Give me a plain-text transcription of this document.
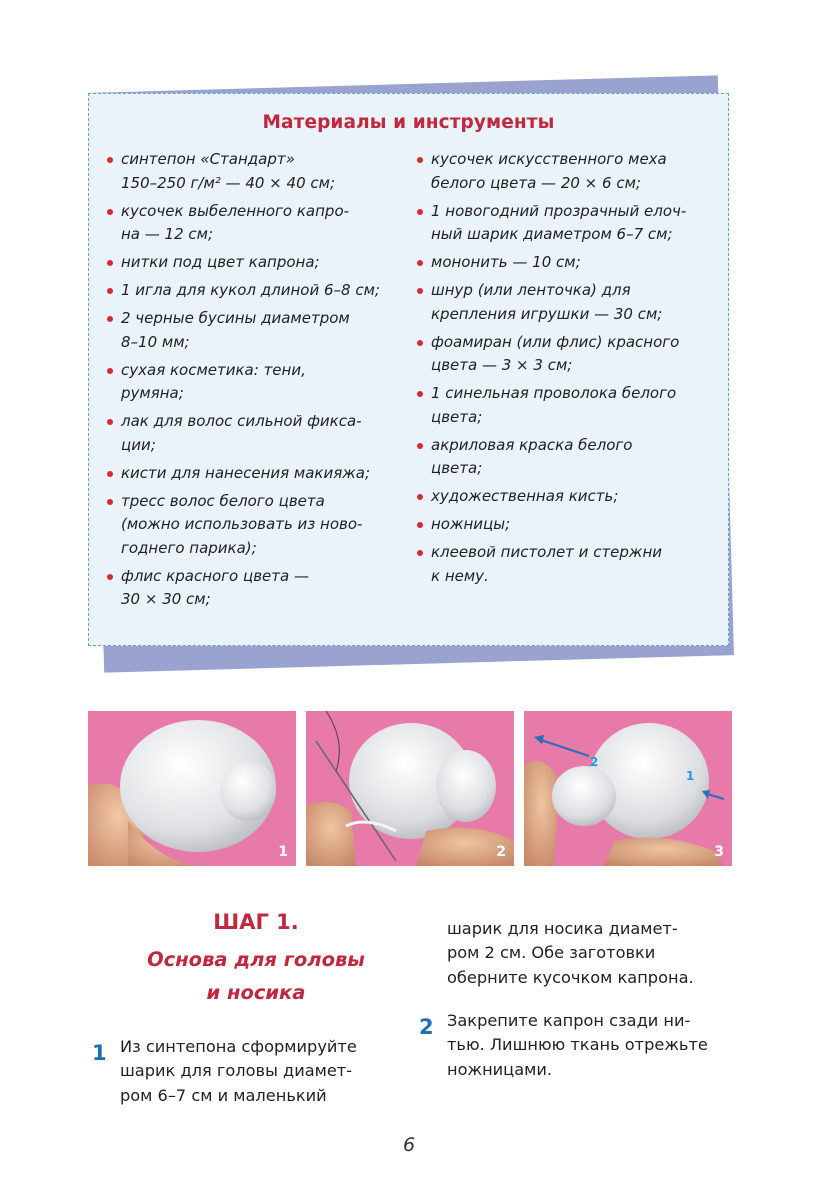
Материалы и инструменты
синтепон «Стандарт»
150–250 г/м² — 40 × 40 см;
кусочек выбеленного капро-
на — 12 см;
нитки под цвет капрона;
1 игла для кукол длиной 6–8 см;
2 черные бусины диаметром
8–10 мм;
сухая косметика: тени,
румяна;
лак для волос сильной фикса-
ции;
кисти для нанесения макияжа;
тресс волос белого цвета
(можно использовать из ново-
годнего парика);
флис красного цвета —
30 × 30 см;
кусочек искусственного меха
белого цвета — 20 × 6 см;
1 новогодний прозрачный елоч-
ный шарик диаметром 6–7 см;
мононить — 10 см;
шнур (или ленточка) для
крепления игрушки — 30 см;
фоамиран (или флис) красного
цвета — 3 × 3 см;
1 синельная проволока белого
цвета;
акриловая краска белого
цвета;
художественная кисть;
ножницы;
клеевой пистолет и стержни
к нему.
1	2
2
1
3
ШАГ 1.
Основа для головы
и носика
1 Из синтепона сформируйте
шарик для головы диамет-
ром 6–7 см и маленький
шарик для носика диамет-
ром 2 см. Обе заготовки
оберните кусочком капрона.
2 Закрепите капрон сзади ни-
тью. Лишнюю ткань отрежьте
ножницами.
6
